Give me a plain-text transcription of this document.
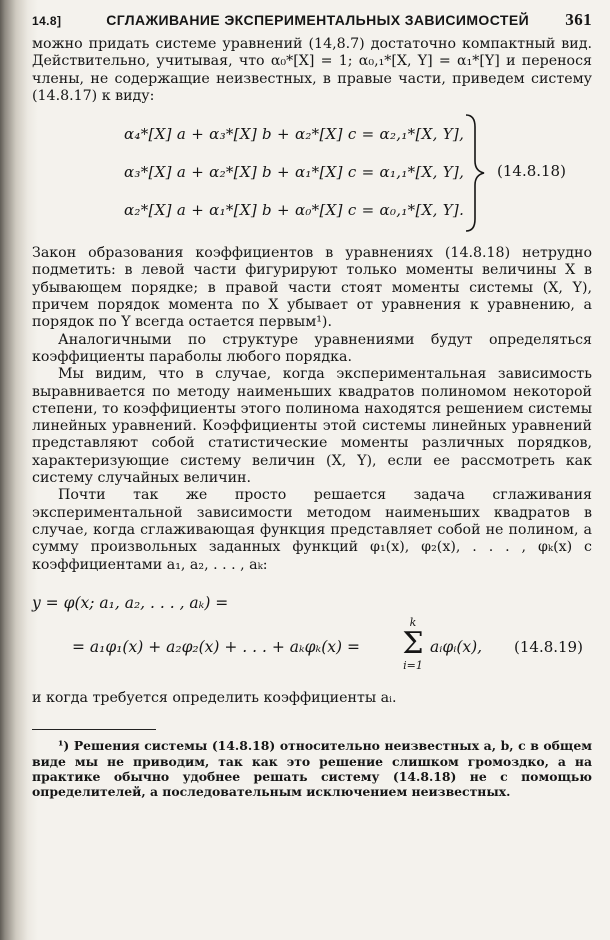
14.8]	СГЛАЖИВАНИЕ ЭКСПЕРИМЕНТАЛЬНЫХ ЗАВИСИМОСТЕЙ	361

можно придать системе уравнений (14,8.7) достаточно компактный вид. Действительно, учитывая, что α₀*[X] = 1; α₀,₁*[X, Y] = α₁*[Y] и перенося члены, не содержащие неизвестных, в правые части, приведем систему (14.8.17) к виду:

α₄*[X] a + α₃*[X] b + α₂*[X] c = α₂,₁*[X, Y],
α₃*[X] a + α₂*[X] b + α₁*[X] c = α₁,₁*[X, Y],
α₂*[X] a + α₁*[X] b + α₀*[X] c = α₀,₁*[X, Y].
(14.8.18)

Закон образования коэффициентов в уравнениях (14.8.18) нетрудно подметить: в левой части фигурируют только моменты величины X в убывающем порядке; в правой части стоят моменты системы (X, Y), причем порядок момента по X убывает от уравнения к уравнению, а порядок по Y всегда остается первым¹).

Аналогичными по структуре уравнениями будут определяться коэффициенты параболы любого порядка.

Мы видим, что в случае, когда экспериментальная зависимость выравнивается по методу наименьших квадратов полиномом некоторой степени, то коэффициенты этого полинома находятся решением системы линейных уравнений. Коэффициенты этой системы линейных уравнений представляют собой статистические моменты различных порядков, характеризующие систему величин (X, Y), если ее рассмотреть как систему случайных величин.

Почти так же просто решается задача сглаживания экспериментальной зависимости методом наименьших квадратов в случае, когда сглаживающая функция представляет собой не полином, а сумму произвольных заданных функций φ₁(x), φ₂(x), . . . , φₖ(x) с коэффициентами a₁, a₂, . . . , aₖ:

y = φ(x; a₁, a₂, . . . , aₖ) =

= a₁φ₁(x) + a₂φ₂(x) + . . . + aₖφₖ(x) =
k
Σ
i=1
aᵢφᵢ(x), (14.8.19)

и когда требуется определить коэффициенты aᵢ.

¹) Решения системы (14.8.18) относительно неизвестных a, b, c в общем виде мы не приводим, так как это решение слишком громоздко, а на практике обычно удобнее решать систему (14.8.18) не с помощью определителей, а последовательным исключением неизвестных.
